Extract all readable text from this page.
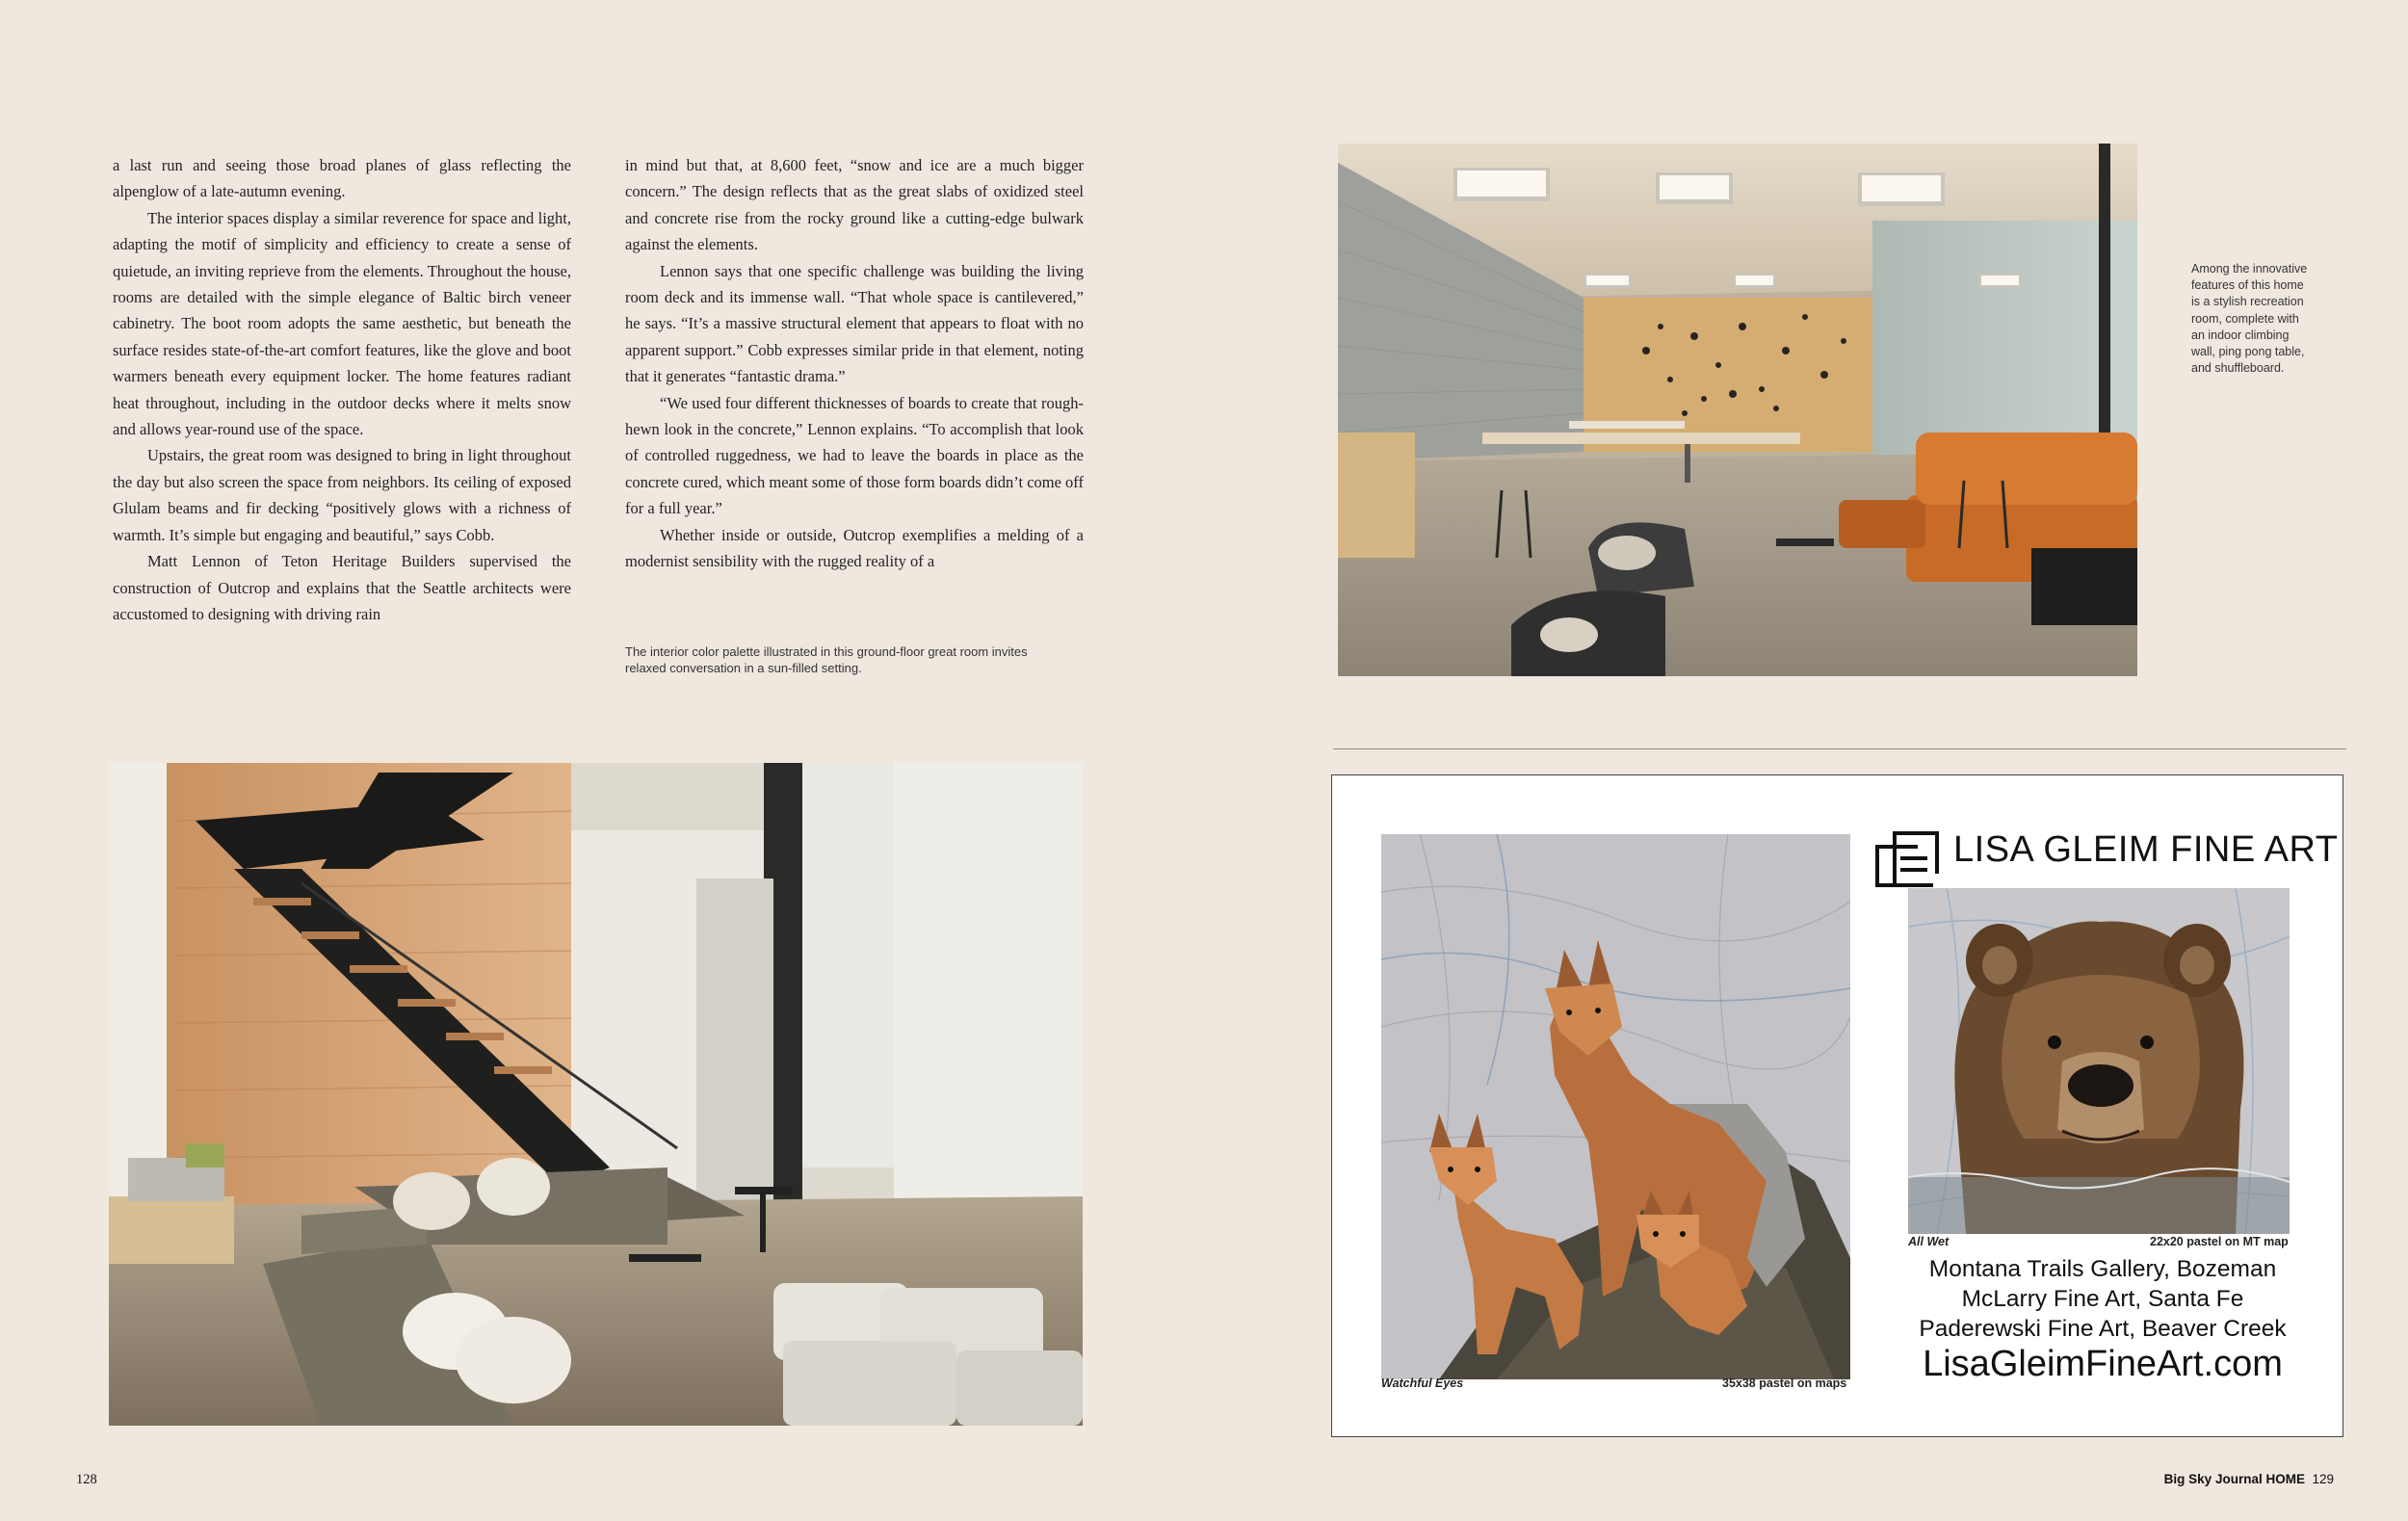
a last run and seeing those broad planes of glass reflecting the alpenglow of a late-autumn evening.

The interior spaces display a similar reverence for space and light, adapting the motif of simplicity and efficiency to create a sense of quietude, an inviting reprieve from the elements. Throughout the house, rooms are detailed with the simple elegance of Baltic birch veneer cabinetry. The boot room adopts the same aesthetic, but beneath the surface resides state-of-the-art comfort features, like the glove and boot warmers beneath every equipment locker. The home features radiant heat throughout, including in the outdoor decks where it melts snow and allows year-round use of the space.

Upstairs, the great room was designed to bring in light throughout the day but also screen the space from neighbors. Its ceiling of exposed Glulam beams and fir decking “positively glows with a richness of warmth. It’s simple but engaging and beautiful,” says Cobb.

Matt Lennon of Teton Heritage Builders supervised the construction of Outcrop and explains that the Seattle architects were accustomed to designing with driving rain

in mind but that, at 8,600 feet, “snow and ice are a much bigger concern.” The design reflects that as the great slabs of oxidized steel and concrete rise from the rocky ground like a cutting-edge bulwark against the elements.

Lennon says that one specific challenge was building the living room deck and its immense wall. “That whole space is cantilevered,” he says. “It’s a massive structural element that appears to float with no apparent support.” Cobb expresses similar pride in that element, noting that it generates “fantastic drama.”

“We used four different thicknesses of boards to create that rough-hewn look in the concrete,” Lennon explains. “To accomplish that look of controlled ruggedness, we had to leave the boards in place as the concrete cured, which meant some of those form boards didn’t come off for a full year.”

Whether inside or outside, Outcrop exemplifies a melding of a modernist sensibility with the rugged reality of a

The interior color palette illustrated in this ground-floor great room invites relaxed conversation in a sun-filled setting.
Among the innovative features of this home is a stylish recreation room, complete with an indoor climbing wall, ping pong table, and shuffleboard.
LISA GLEIM FINE ART
Watchful Eyes	35x38 pastel on maps
All Wet	22x20 pastel on MT map
Montana Trails Gallery, Bozeman
McLarry Fine Art, Santa Fe
Paderewski Fine Art, Beaver Creek
LisaGleimFineArt.com
128	Big Sky Journal HOME 129
